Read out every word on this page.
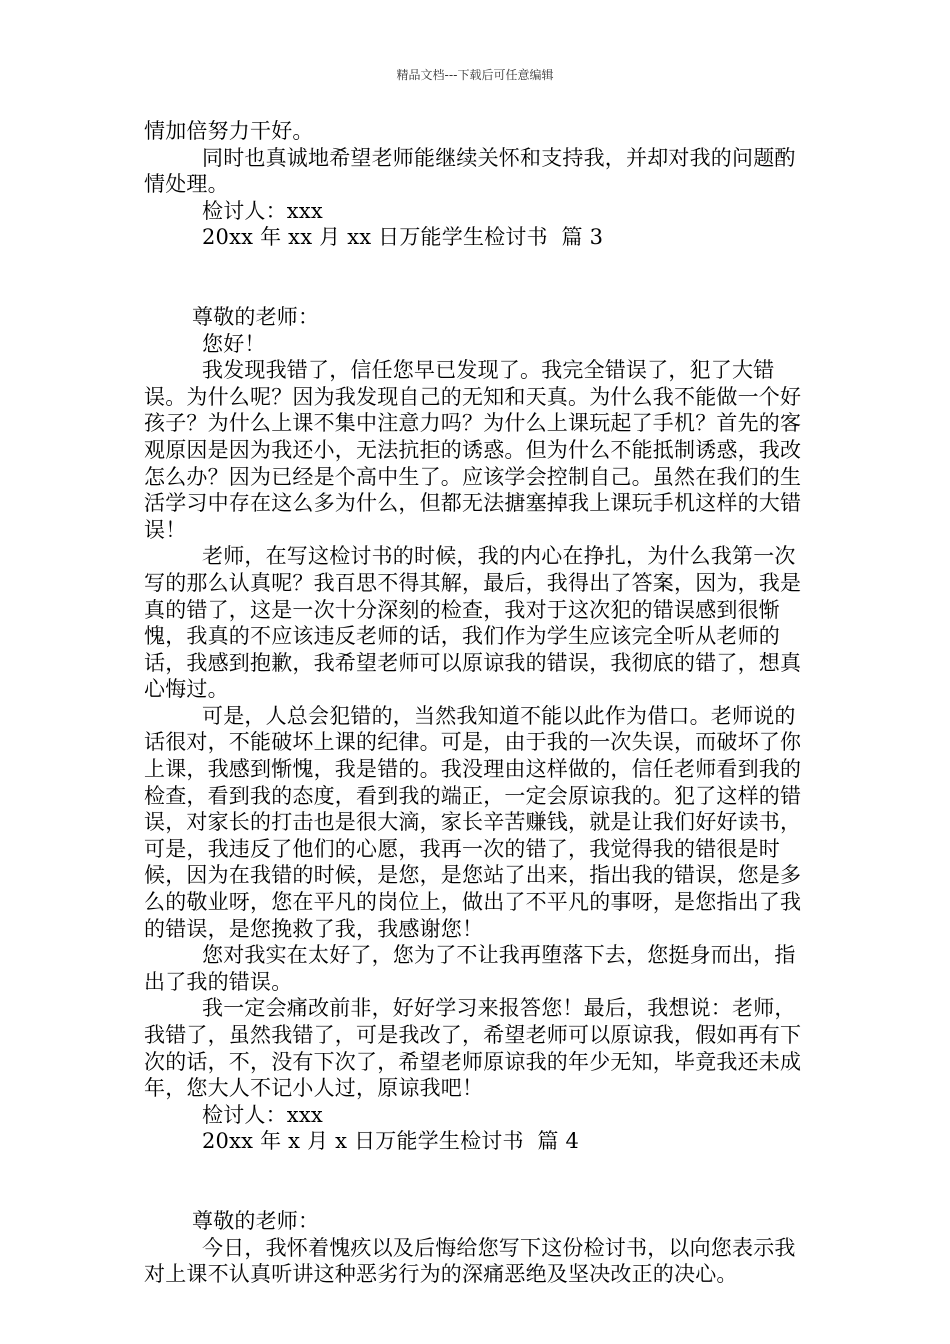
精品文档---下载后可任意编辑

情加倍努力干好。

同时也真诚地希望老师能继续关怀和支持我，并却对我的问题酌情处理。

检讨人：xxx

20xx 年 xx 月 xx 日万能学生检讨书  篇 3

尊敬的老师：

您好！

我发现我错了，信任您早已发现了。我完全错误了，犯了大错误。为什么呢？因为我发现自己的无知和天真。为什么我不能做一个好孩子？为什么上课不集中注意力吗？为什么上课玩起了手机？首先的客观原因是因为我还小，无法抗拒的诱惑。但为什么不能抵制诱惑，我改怎么办？因为已经是个高中生了。应该学会控制自己。虽然在我们的生活学习中存在这么多为什么，但都无法搪塞掉我上课玩手机这样的大错误！

老师，在写这检讨书的时候，我的内心在挣扎，为什么我第一次写的那么认真呢？我百思不得其解，最后，我得出了答案，因为，我是真的错了，这是一次十分深刻的检查，我对于这次犯的错误感到很惭愧，我真的不应该违反老师的话，我们作为学生应该完全听从老师的话，我感到抱歉，我希望老师可以原谅我的错误，我彻底的错了，想真心悔过。

可是，人总会犯错的，当然我知道不能以此作为借口。老师说的话很对，不能破坏上课的纪律。可是，由于我的一次失误，而破坏了你上课，我感到惭愧，我是错的。我没理由这样做的，信任老师看到我的检查，看到我的态度，看到我的端正，一定会原谅我的。犯了这样的错误，对家长的打击也是很大滴，家长辛苦赚钱，就是让我们好好读书，可是，我违反了他们的心愿，我再一次的错了，我觉得我的错很是时候，因为在我错的时候，是您，是您站了出来，指出我的错误，您是多么的敬业呀，您在平凡的岗位上，做出了不平凡的事呀，是您指出了我的错误，是您挽救了我，我感谢您！

您对我实在太好了，您为了不让我再堕落下去，您挺身而出，指出了我的错误。

我一定会痛改前非，好好学习来报答您！最后，我想说：老师，我错了，虽然我错了，可是我改了，希望老师可以原谅我，假如再有下次的话，不，没有下次了，希望老师原谅我的年少无知，毕竟我还未成年，您大人不记小人过，原谅我吧！

检讨人：xxx

20xx 年 x 月 x 日万能学生检讨书  篇 4

尊敬的老师：

今日，我怀着愧疚以及后悔给您写下这份检讨书，以向您表示我对上课不认真听讲这种恶劣行为的深痛恶绝及坚决改正的决心。
